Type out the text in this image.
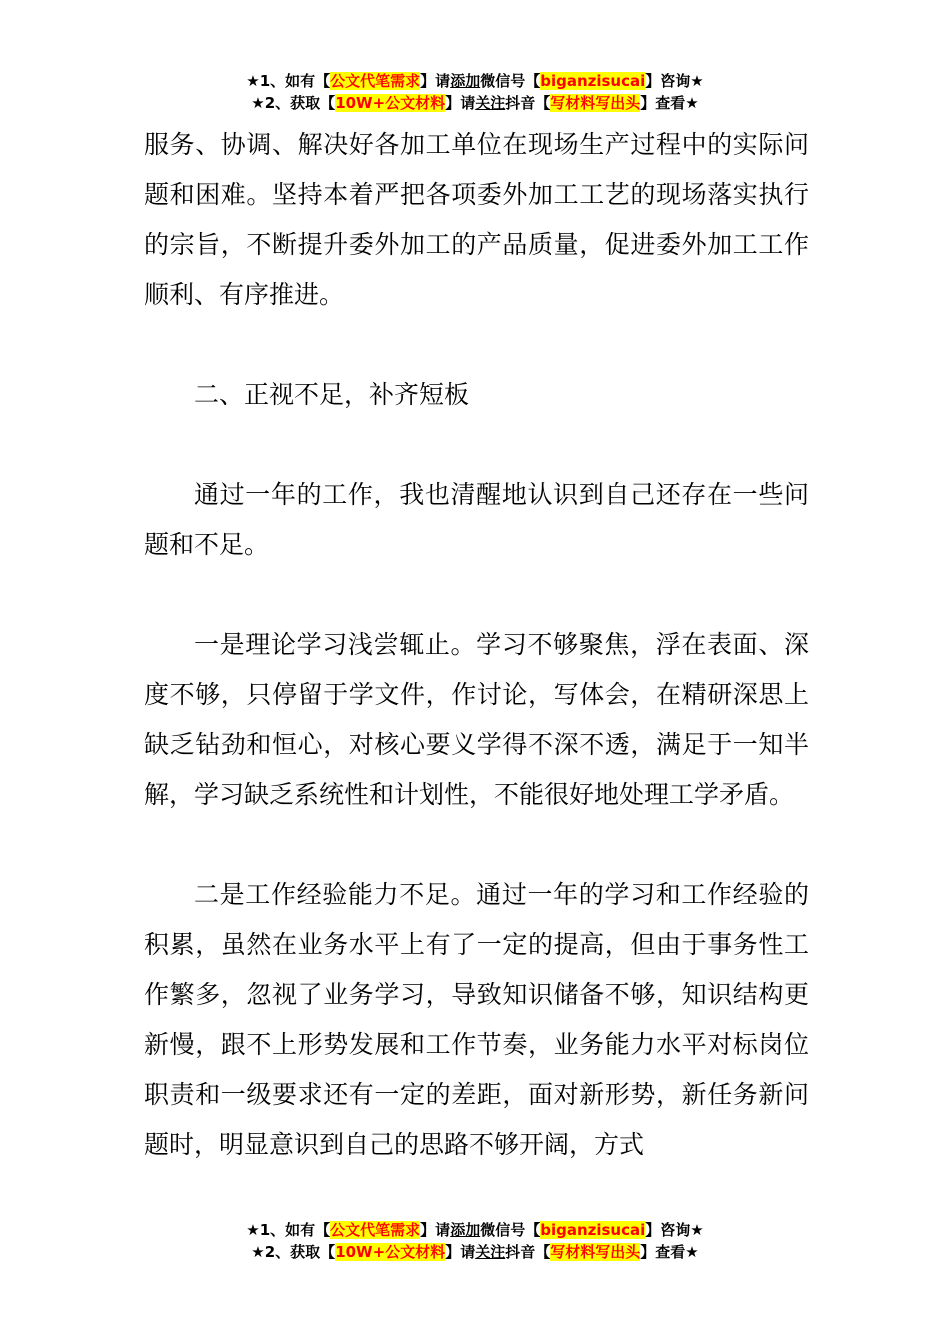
★1、如有【公文代笔需求】请添加微信号【biganzisucai】咨询★
★2、获取【10W+公文材料】请关注抖音【写材料写出头】查看★

服务、协调、解决好各加工单位在现场生产过程中的实际问题和困难。坚持本着严把各项委外加工工艺的现场落实执行的宗旨，不断提升委外加工的产品质量，促进委外加工工作顺利、有序推进。

二、正视不足，补齐短板

通过一年的工作，我也清醒地认识到自己还存在一些问题和不足。

一是理论学习浅尝辄止。学习不够聚焦，浮在表面、深度不够，只停留于学文件，作讨论，写体会，在精研深思上缺乏钻劲和恒心，对核心要义学得不深不透，满足于一知半解，学习缺乏系统性和计划性，不能很好地处理工学矛盾。

二是工作经验能力不足。通过一年的学习和工作经验的积累，虽然在业务水平上有了一定的提高，但由于事务性工作繁多，忽视了业务学习，导致知识储备不够，知识结构更新慢，跟不上形势发展和工作节奏，业务能力水平对标岗位职责和一级要求还有一定的差距，面对新形势，新任务新问题时，明显意识到自己的思路不够开阔，方式

★1、如有【公文代笔需求】请添加微信号【biganzisucai】咨询★
★2、获取【10W+公文材料】请关注抖音【写材料写出头】查看★
